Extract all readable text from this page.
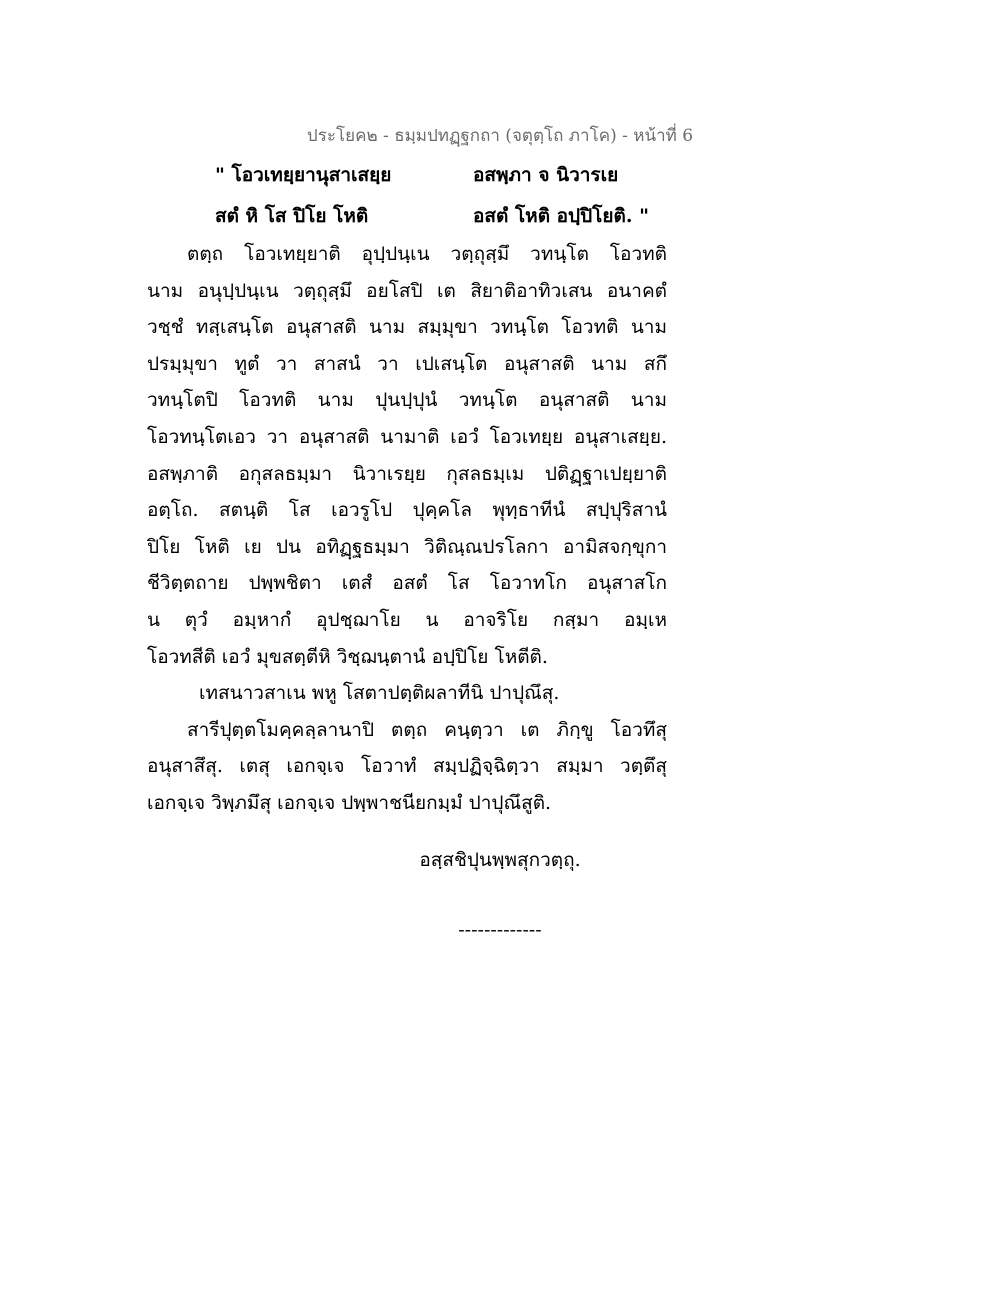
ประโยค๒ - ธมฺมปทฏฺฐกถา (จตุตฺโถ ภาโค) - หน้าที่ 6
" โอวเทยฺยานุสาเสยฺย	อสพฺภา จ นิวารเย
สตํ หิ โส ปิโย โหติ	อสตํ โหติ อปฺปิโยติ. "
ตตฺถ โอวเทยฺยาติ อุปฺปนฺเน วตฺถุสฺมึ วทนฺโต โอวทติ
นาม อนุปฺปนฺเน วตฺถุสฺมึ อยโสปิ เต สิยาติอาทิวเสน อนาคตํ
วชฺชํ ทสฺเสนฺโต อนุสาสติ นาม สมฺมุขา วทนฺโต โอวทติ นาม
ปรมฺมุขา ทูตํ วา สาสนํ วา เปเสนฺโต อนุสาสติ นาม สกึ
วทนฺโตปิ โอวทติ นาม ปุนปฺปุนํ วทนฺโต อนุสาสติ นาม
โอวทนฺโตเอว วา อนุสาสติ นามาติ เอวํ โอวเทยฺย อนุสาเสยฺย.
อสพฺภาติ อกุสลธมฺมา นิวาเรยฺย กุสลธมฺเม ปติฏฺฐาเปยฺยาติ
อตฺโถ. สตนฺติ โส เอวรูโป ปุคฺคโล พุทฺธาทีนํ สปฺปุริสานํ
ปิโย โหติ เย ปน อทิฏฺฐธมฺมา วิติณฺณปรโลกา อามิสจกฺขุกา
ชีวิตฺตถาย ปพฺพชิตา เตสํ อสตํ โส โอวาทโก อนุสาสโก
น ตุวํ อมฺหากํ อุปชฺฌาโย น อาจริโย กสฺมา อมฺเห
โอวทสีติ เอวํ มุขสตฺตีหิ วิชฺฌนฺตานํ อปฺปิโย โหตีติ.
เทสนาวสาเน พหู โสตาปตฺติผลาทีนิ ปาปุณึสุ.
สารีปุตฺตโมคฺคลฺลานาปิ ตตฺถ คนฺตฺวา เต ภิกฺขู โอวทึสุ
อนุสาสึสุ. เตสุ เอกจฺเจ โอวาทํ สมฺปฏิจฺฉิตฺวา สมฺมา วตฺตึสุ
เอกจฺเจ วิพฺภมึสุ เอกจฺเจ ปพฺพาชนียกมฺมํ ปาปุณึสูติ.
อสฺสชิปุนพฺพสุกวตฺถุ.
-------------
